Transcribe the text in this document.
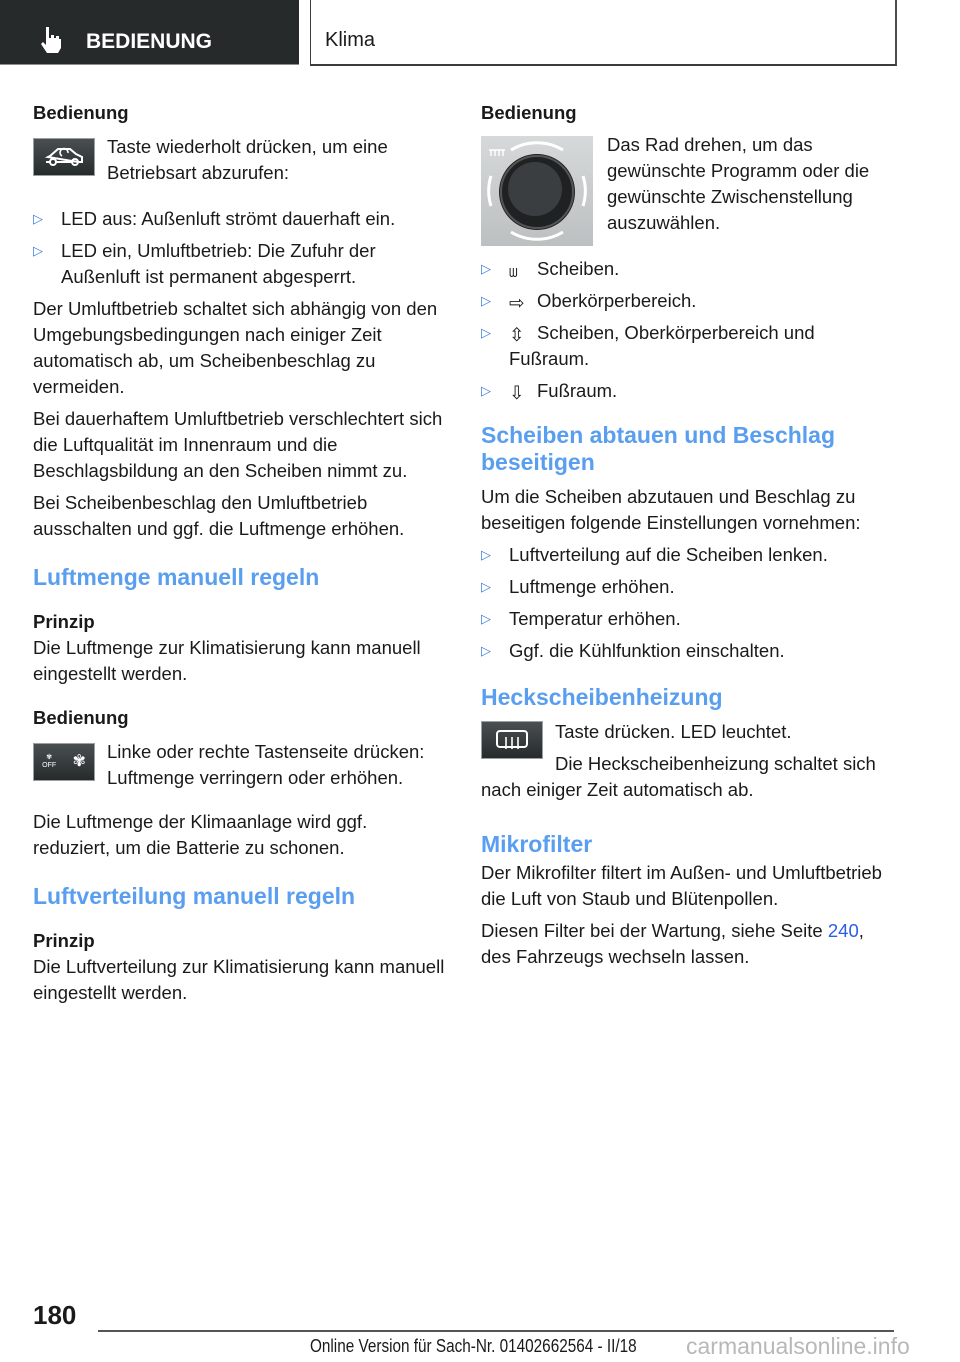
BEDIENUNG	Klima
Bedienung

Taste wiederholt drücken, um eine Betriebsart abzurufen:

▷ LED aus: Außenluft strömt dauerhaft ein.
▷ LED ein, Umluftbetrieb: Die Zufuhr der Außenluft ist permanent abgesperrt.

Der Umluftbetrieb schaltet sich abhängig von den Umgebungsbedingungen nach einiger Zeit automatisch ab, um Scheibenbeschlag zu vermeiden.

Bei dauerhaftem Umluftbetrieb verschlechtert sich die Luftqualität im Innenraum und die Beschlagsbildung an den Scheiben nimmt zu.

Bei Scheibenbeschlag den Umluftbetrieb ausschalten und ggf. die Luftmenge erhöhen.

Luftmenge manuell regeln
Prinzip

Die Luftmenge zur Klimatisierung kann manuell eingestellt werden.

Bedienung
✾
OFF ✾ Linke oder rechte Tastenseite drücken: Luftmenge verringern oder erhöhen.

Die Luftmenge der Klimaanlage wird ggf. reduziert, um die Batterie zu schonen.

Luftverteilung manuell regeln
Prinzip

Die Luftverteilung zur Klimatisierung kann manuell eingestellt werden.

Bedienung

Das Rad drehen, um das gewünschte Programm oder die gewünschte Zwischenstellung auszuwählen.

▷	ᗯ Scheiben.
▷ ⇨ Oberkörperbereich.
▷ ⇳ Scheiben, Oberkörperbereich und Fußraum.
▷ ⇩ Fußraum.
Scheiben abtauen und Beschlag beseitigen

Um die Scheiben abzutauen und Beschlag zu beseitigen folgende Einstellungen vornehmen:

▷ Luftverteilung auf die Scheiben lenken.
▷ Luftmenge erhöhen.
▷ Temperatur erhöhen.
▷ Ggf. die Kühlfunktion einschalten.
Heckscheibenheizung

Taste drücken. LED leuchtet.

Die Heckscheibenheizung schaltet sich nach einiger Zeit automatisch ab.

Mikrofilter

Der Mikrofilter filtert im Außen- und Umluftbetrieb die Luft von Staub und Blütenpollen.

Diesen Filter bei der Wartung, siehe Seite 240, des Fahrzeugs wechseln lassen.

180
Online Version für Sach-Nr. 01402662564 - II/18 carmanualsonline.info
